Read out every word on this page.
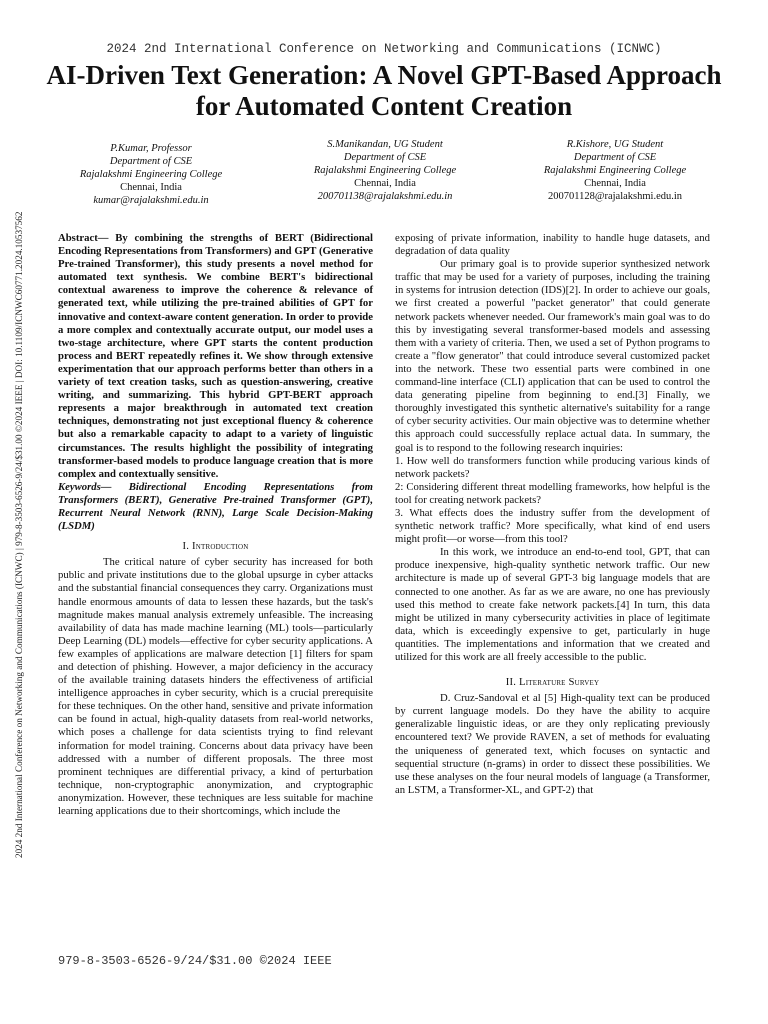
2024 2nd International Conference on Networking and Communications (ICNWC)
AI-Driven Text Generation: A Novel GPT-Based Approach for Automated Content Creation
2024 2nd International Conference on Networking and Communications (ICNWC) | 979-8-3503-6526-9/24/$31.00 ©2024 IEEE | DOI: 10.1109/ICNWC60771.2024.10537562
P.Kumar, Professor
Department of CSE
Rajalakshmi Engineering College
Chennai, India
kumar@rajalakshmi.edu.in
S.Manikandan, UG Student
Department of CSE
Rajalakshmi Engineering College
Chennai, India
200701138@rajalakshmi.edu.in
R.Kishore, UG Student
Department of CSE
Rajalakshmi Engineering College
Chennai, India
200701128@rajalakshmi.edu.in

Abstract— By combining the strengths of BERT (Bidirectional Encoding Representations from Transformers) and GPT (Generative Pre-trained Transformer), this study presents a novel method for automated text synthesis. We combine BERT's bidirectional contextual awareness to improve the coherence & relevance of generated text, while utilizing the pre-trained abilities of GPT for innovative and context-aware content generation. In order to provide a more complex and contextually accurate output, our model uses a two-stage architecture, where GPT starts the content production process and BERT repeatedly refines it. We show through extensive experimentation that our approach performs better than others in a variety of text creation tasks, such as question-answering, creative writing, and summarizing. This hybrid GPT-BERT approach represents a major breakthrough in automated text creation techniques, demonstrating not just exceptional fluency & coherence but also a remarkable capacity to adapt to a variety of linguistic circumstances. The results highlight the possibility of integrating transformer-based models to produce language creation that is more complex and contextually sensitive.

Keywords— Bidirectional Encoding Representations from Transformers (BERT), Generative Pre-trained Transformer (GPT), Recurrent Neural Network (RNN), Large Scale Decision-Making (LSDM)

I. Introduction

The critical nature of cyber security has increased for both public and private institutions due to the global upsurge in cyber attacks and the substantial financial consequences they carry. Organizations must handle enormous amounts of data to lessen these hazards, but the task's magnitude makes manual analysis extremely unfeasible. The increasing availability of data has made machine learning (ML) tools—particularly Deep Learning (DL) models—effective for cyber security applications. A few examples of applications are malware detection [1] filters for spam and detection of phishing. However, a major deficiency in the accuracy of the available training datasets hinders the effectiveness of artificial intelligence approaches in cyber security, which is a crucial prerequisite for these techniques. On the other hand, sensitive and private information can be found in actual, high-quality datasets from real-world networks, which poses a challenge for data scientists trying to find relevant information for model training. Concerns about data privacy have been addressed with a number of different proposals. The three most prominent techniques are differential privacy, a kind of perturbation technique, non-cryptographic anonymization, and cryptographic anonymization. However, these techniques are less suitable for machine learning applications due to their shortcomings, which include the

exposing of private information, inability to handle huge datasets, and degradation of data quality

Our primary goal is to provide superior synthesized network traffic that may be used for a variety of purposes, including the training in systems for intrusion detection (IDS)[2]. In order to achieve our goals, we first created a powerful "packet generator" that could generate network packets whenever needed. Our framework's main goal was to do this by investigating several transformer-based models and assessing them with a variety of criteria. Then, we used a set of Python programs to create a "flow generator" that could introduce several customized packet into the network. These two essential parts were combined in one command-line interface (CLI) application that can be used to control the data generating pipeline from beginning to end.[3] Finally, we thoroughly investigated this synthetic alternative's suitability for a range of cyber security activities. Our main objective was to determine whether this approach could successfully replace actual data. In summary, the goal is to respond to the following research inquiries:

1. How well do transformers function while producing various kinds of network packets?

2: Considering different threat modelling frameworks, how helpful is the tool for creating network packets?

3. What effects does the industry suffer from the development of synthetic network traffic? More specifically, what kind of end users might profit—or worse—from this tool?

In this work, we introduce an end-to-end tool, GPT, that can produce inexpensive, high-quality synthetic network traffic. Our new architecture is made up of several GPT-3 big language models that are connected to one another. As far as we are aware, no one has previously used this method to create fake network packets.[4] In turn, this data might be utilized in many cybersecurity activities in place of legitimate data, which is exceedingly expensive to get, particularly in huge quantities. The implementations and information that we created and utilized for this work are all freely accessible to the public.

II. Literature Survey

D. Cruz-Sandoval et al [5] High-quality text can be produced by current language models. Do they have the ability to acquire generalizable linguistic ideas, or are they only replicating previously encountered text? We provide RAVEN, a set of methods for evaluating the uniqueness of generated text, which focuses on syntactic and sequential structure (n-grams) in order to dissect these possibilities. We use these analyses on the four neural models of language (a Transformer, an LSTM, a Transformer-XL, and GPT-2) that

979-8-3503-6526-9/24/$31.00 ©2024 IEEE
